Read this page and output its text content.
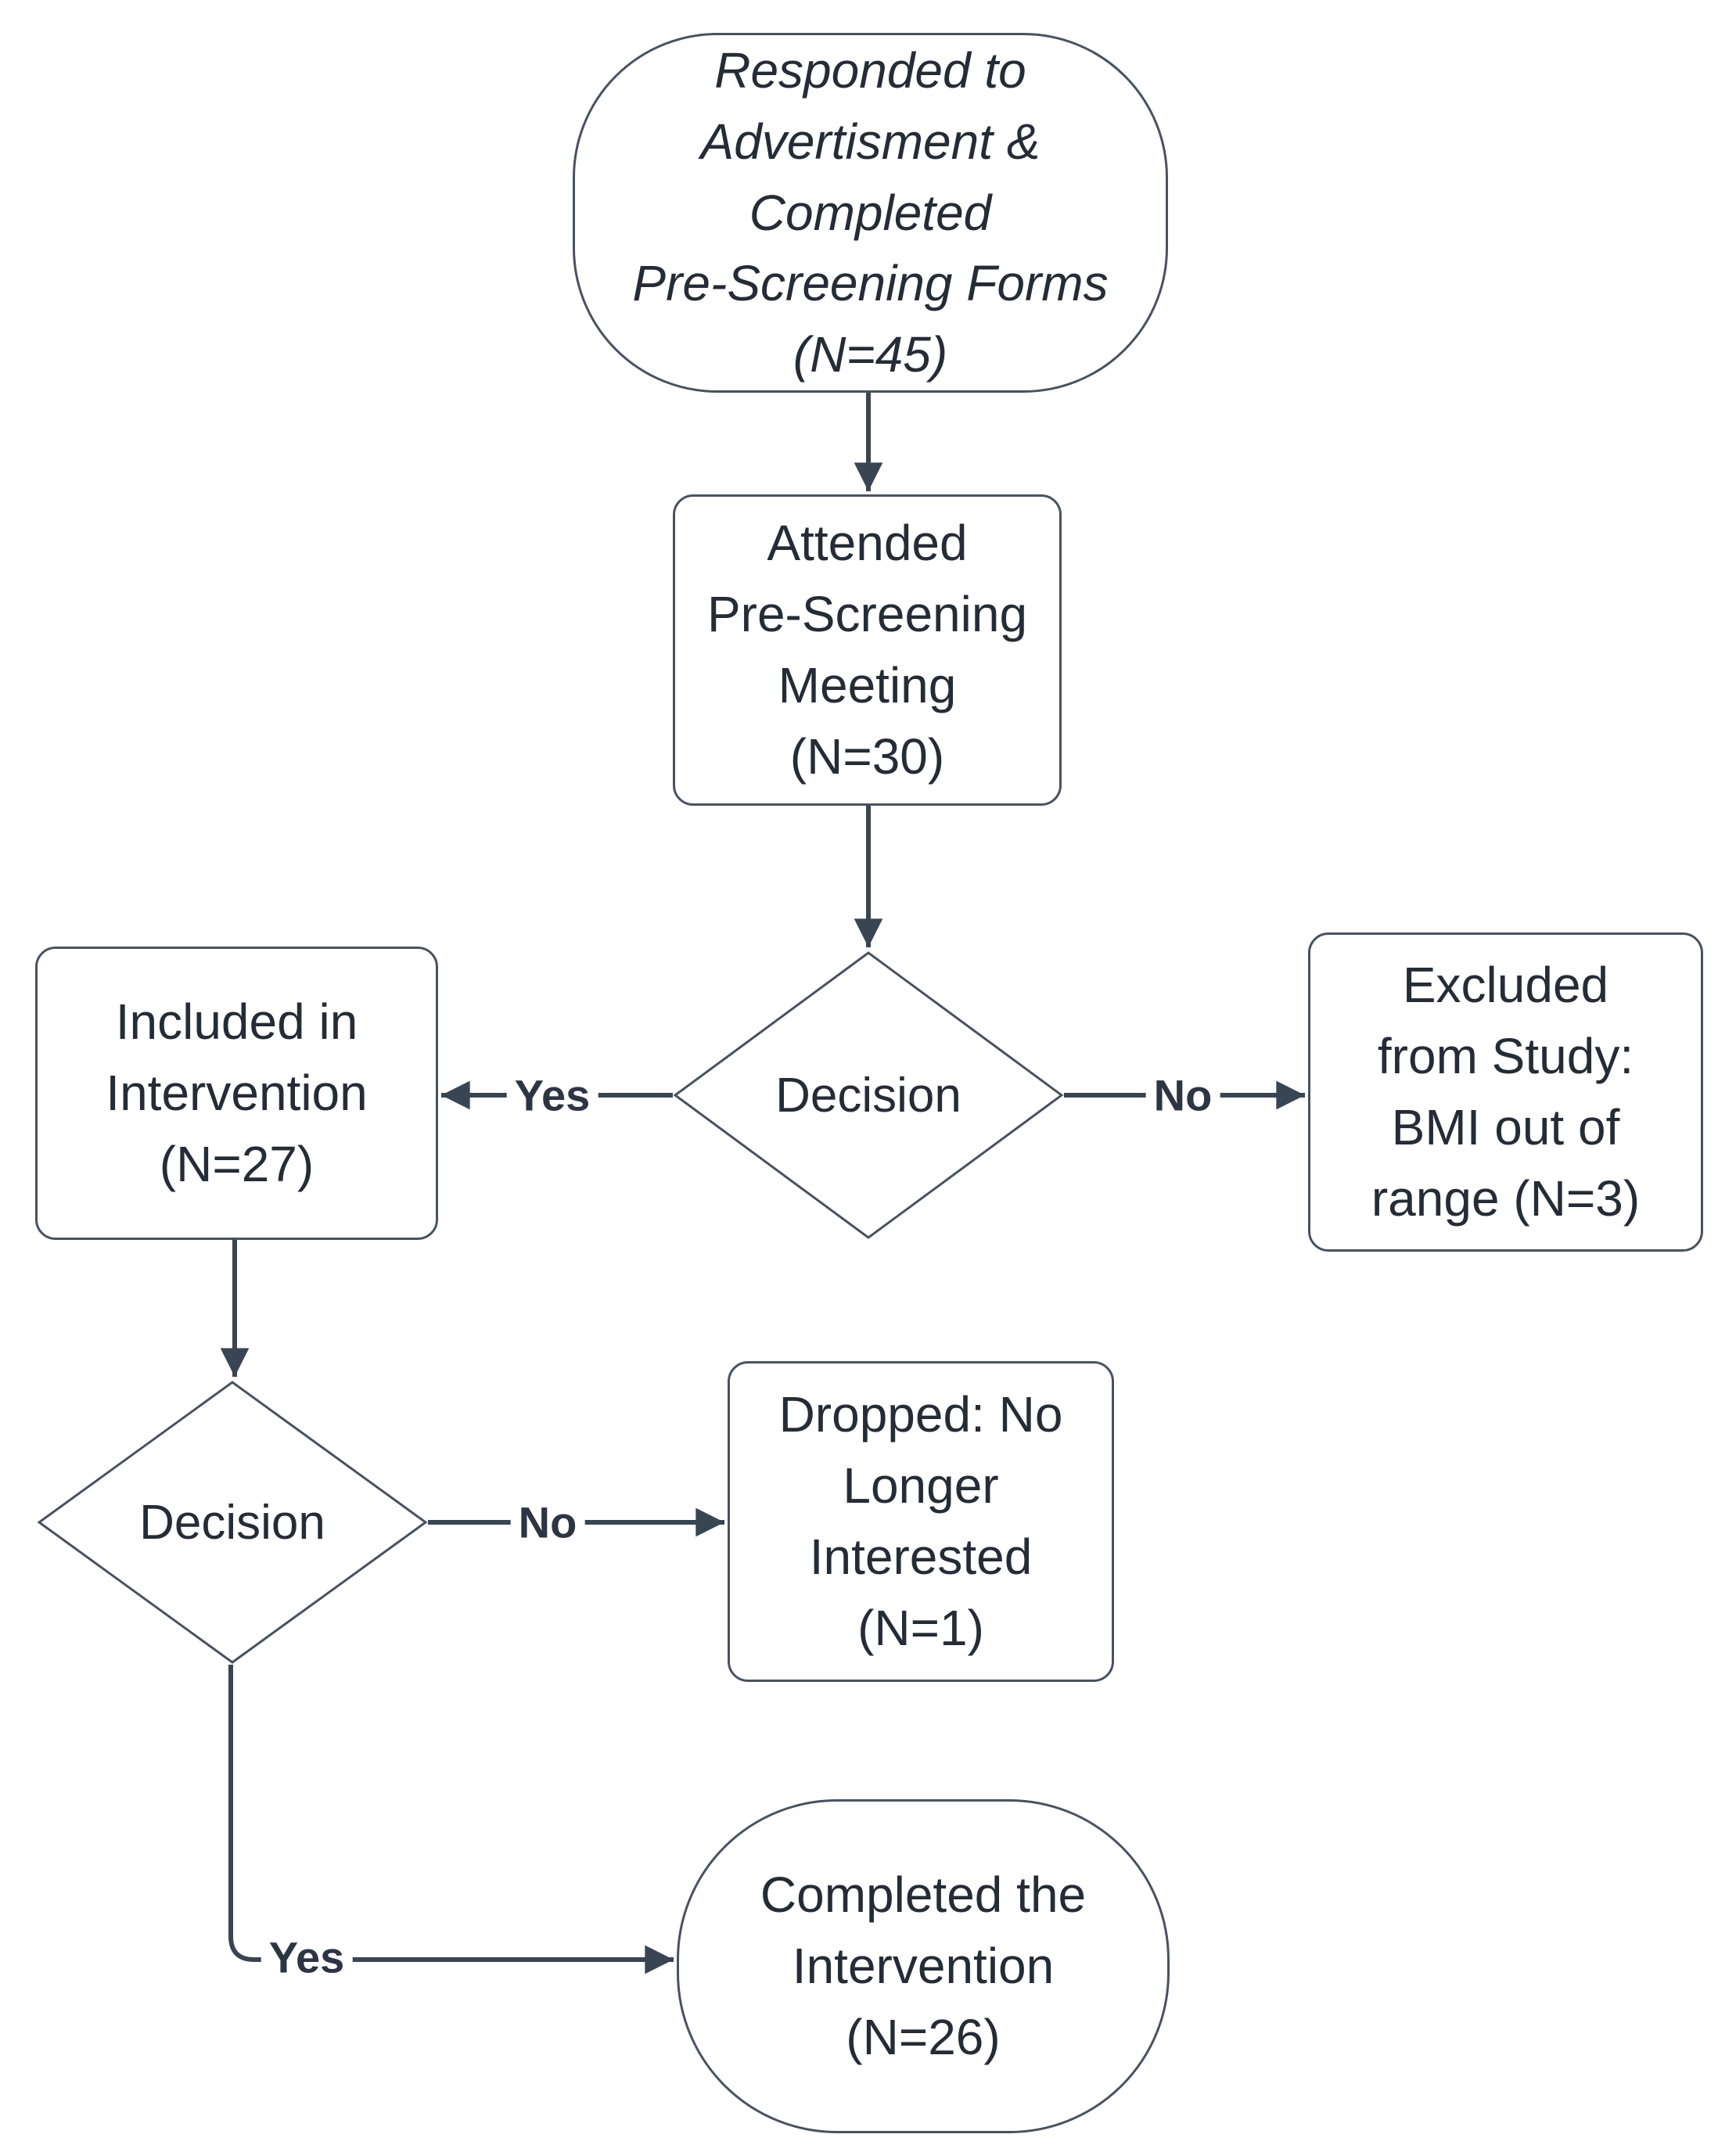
Responded to
Advertisment &
Completed
Pre-Screening Forms
(N=45)
Attended
Pre-Screening
Meeting
(N=30)
Decision
Included in
Intervention
(N=27)
Excluded
from Study:
BMI out of
range (N=3)
Decision
Dropped: No
Longer
Interested
(N=1)
Completed the
Intervention
(N=26)
Yes	No
No
Yes
